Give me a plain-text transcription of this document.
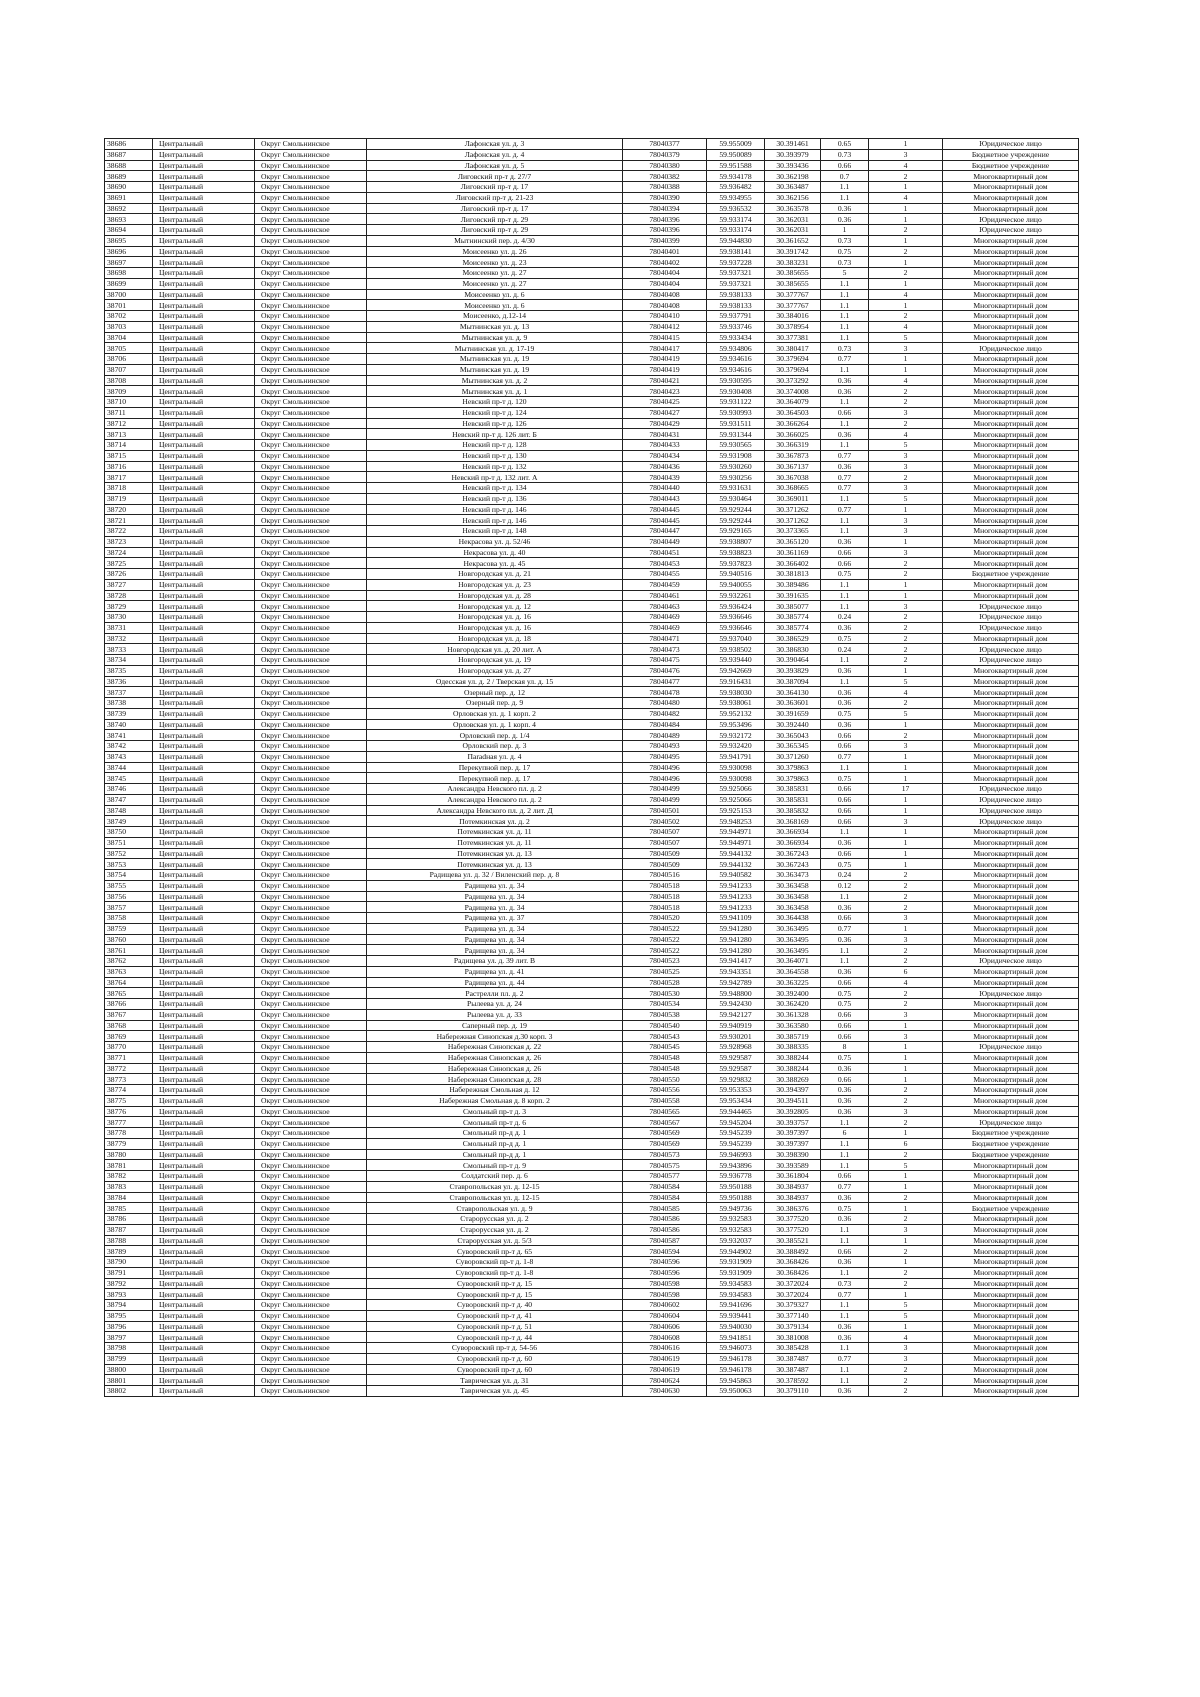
38686	Центральный	Округ Смольнинское	Лафонская ул. д. 3	78040377	59.955009	30.391461	0.65	1	Юридическое лицо
38687	Центральный	Округ Смольнинское	Лафонская ул. д. 4	78040379	59.950089	30.393979	0.73	3	Бюджетное учреждение
38688	Центральный	Округ Смольнинское	Лафонская ул. д. 5	78040380	59.951588	30.393436	0.66	4	Бюджетное учреждение
38689	Центральный	Округ Смольнинское	Лиговский пр-т д. 27/7	78040382	59.934178	30.362198	0.7	2	Многоквартирный дом
38690	Центральный	Округ Смольнинское	Лиговский пр-т д. 17	78040388	59.936482	30.363487	1.1	1	Многоквартирный дом
38691	Центральный	Округ Смольнинское	Лиговский пр-т д. 21-23	78040390	59.934955	30.362156	1.1	4	Многоквартирный дом
38692	Центральный	Округ Смольнинское	Лиговский пр-т д. 17	78040394	59.936532	30.363578	0.36	1	Многоквартирный дом
38693	Центральный	Округ Смольнинское	Лиговский пр-т д. 29	78040396	59.933174	30.362031	0.36	1	Юридическое лицо
38694	Центральный	Округ Смольнинское	Лиговский пр-т д. 29	78040396	59.933174	30.362031	1	2	Юридическое лицо
38695	Центральный	Округ Смольнинское	Мытнинский пер. д. 4/30	78040399	59.944830	30.361652	0.73	1	Многоквартирный дом
38696	Центральный	Округ Смольнинское	Моисеенко ул. д. 26	78040401	59.938141	30.391742	0.75	2	Многоквартирный дом
38697	Центральный	Округ Смольнинское	Моисеенко ул. д. 23	78040402	59.937228	30.383231	0.73	1	Многоквартирный дом
38698	Центральный	Округ Смольнинское	Моисеенко ул. д. 27	78040404	59.937321	30.385655	5	2	Многоквартирный дом
38699	Центральный	Округ Смольнинское	Моисеенко ул. д. 27	78040404	59.937321	30.385655	1.1	1	Многоквартирный дом
38700	Центральный	Округ Смольнинское	Моисеенко ул. д. 6	78040408	59.938133	30.377767	1.1	4	Многоквартирный дом
38701	Центральный	Округ Смольнинское	Моисеенко ул. д. 6	78040408	59.938133	30.377767	1.1	1	Многоквартирный дом
38702	Центральный	Округ Смольнинское	Моисеенко, д.12-14	78040410	59.937791	30.384016	1.1	2	Многоквартирный дом
38703	Центральный	Округ Смольнинское	Мытнинская ул. д. 13	78040412	59.933746	30.378954	1.1	4	Многоквартирный дом
38704	Центральный	Округ Смольнинское	Мытнинская ул. д. 9	78040415	59.933434	30.377381	1.1	5	Многоквартирный дом
38705	Центральный	Округ Смольнинское	Мытнинская ул. д. 17-19	78040417	59.934806	30.380417	0.73	3	Юридическое лицо
38706	Центральный	Округ Смольнинское	Мытнинская ул. д. 19	78040419	59.934616	30.379694	0.77	1	Многоквартирный дом
38707	Центральный	Округ Смольнинское	Мытнинская ул. д. 19	78040419	59.934616	30.379694	1.1	1	Многоквартирный дом
38708	Центральный	Округ Смольнинское	Мытнинская ул. д. 2	78040421	59.930595	30.373292	0.36	4	Многоквартирный дом
38709	Центральный	Округ Смольнинское	Мытнинская ул. д. 1	78040423	59.930408	30.374008	0.36	2	Многоквартирный дом
38710	Центральный	Округ Смольнинское	Невский пр-т д. 120	78040425	59.931122	30.364079	1.1	2	Многоквартирный дом
38711	Центральный	Округ Смольнинское	Невский пр-т д. 124	78040427	59.930993	30.364503	0.66	3	Многоквартирный дом
38712	Центральный	Округ Смольнинское	Невский пр-т д. 126	78040429	59.931511	30.366264	1.1	2	Многоквартирный дом
38713	Центральный	Округ Смольнинское	Невский пр-т д. 126 лит. Б	78040431	59.931344	30.366025	0.36	4	Многоквартирный дом
38714	Центральный	Округ Смольнинское	Невский пр-т д. 128	78040433	59.930565	30.366319	1.1	5	Многоквартирный дом
38715	Центральный	Округ Смольнинское	Невский пр-т д. 130	78040434	59.931908	30.367873	0.77	3	Многоквартирный дом
38716	Центральный	Округ Смольнинское	Невский пр-т д. 132	78040436	59.930260	30.367137	0.36	3	Многоквартирный дом
38717	Центральный	Округ Смольнинское	Невский пр-т д. 132 лит. А	78040439	59.930256	30.367038	0.77	2	Многоквартирный дом
38718	Центральный	Округ Смольнинское	Невский пр-т д. 134	78040440	59.931631	30.368665	0.77	3	Многоквартирный дом
38719	Центральный	Округ Смольнинское	Невский пр-т д. 136	78040443	59.930464	30.369011	1.1	5	Многоквартирный дом
38720	Центральный	Округ Смольнинское	Невский пр-т д. 146	78040445	59.929244	30.371262	0.77	1	Многоквартирный дом
38721	Центральный	Округ Смольнинское	Невский пр-т д. 146	78040445	59.929244	30.371262	1.1	3	Многоквартирный дом
38722	Центральный	Округ Смольнинское	Невский пр-т д. 148	78040447	59.929165	30.373365	1.1	3	Многоквартирный дом
38723	Центральный	Округ Смольнинское	Некрасова ул. д. 52/46	78040449	59.938807	30.365120	0.36	1	Многоквартирный дом
38724	Центральный	Округ Смольнинское	Некрасова ул. д. 40	78040451	59.938823	30.361169	0.66	3	Многоквартирный дом
38725	Центральный	Округ Смольнинское	Некрасова ул. д. 45	78040453	59.937823	30.366402	0.66	2	Многоквартирный дом
38726	Центральный	Округ Смольнинское	Новгородская ул. д. 21	78040455	59.940516	30.381813	0.75	2	Бюджетное учреждение
38727	Центральный	Округ Смольнинское	Новгородская ул. д. 23	78040459	59.940055	30.389486	1.1	1	Многоквартирный дом
38728	Центральный	Округ Смольнинское	Новгородская ул. д. 28	78040461	59.932261	30.391635	1.1	1	Многоквартирный дом
38729	Центральный	Округ Смольнинское	Новгородская ул. д. 12	78040463	59.936424	30.385077	1.1	3	Юридическое лицо
38730	Центральный	Округ Смольнинское	Новгородская ул. д. 16	78040469	59.936646	30.385774	0.24	2	Юридическое лицо
38731	Центральный	Округ Смольнинское	Новгородская ул. д. 16	78040469	59.936646	30.385774	0.36	2	Юридическое лицо
38732	Центральный	Округ Смольнинское	Новгородская ул. д. 18	78040471	59.937040	30.386529	0.75	2	Многоквартирный дом
38733	Центральный	Округ Смольнинское	Новгородская ул. д. 20 лит. А	78040473	59.938502	30.386830	0.24	2	Юридическое лицо
38734	Центральный	Округ Смольнинское	Новгородская ул. д. 19	78040475	59.939440	30.390464	1.1	2	Юридическое лицо
38735	Центральный	Округ Смольнинское	Новгородская ул. д. 27	78040476	59.942669	30.393829	0.36	1	Многоквартирный дом
38736	Центральный	Округ Смольнинское	Одесская ул. д. 2 / Тверская ул. д. 15	78040477	59.916431	30.387094	1.1	5	Многоквартирный дом
38737	Центральный	Округ Смольнинское	Озерный пер. д. 12	78040478	59.938030	30.364130	0.36	4	Многоквартирный дом
38738	Центральный	Округ Смольнинское	Озерный пер. д. 9	78040480	59.938061	30.363601	0.36	2	Многоквартирный дом
38739	Центральный	Округ Смольнинское	Орловская ул. д. 1 корп. 2	78040482	59.952132	30.391659	0.75	5	Многоквартирный дом
38740	Центральный	Округ Смольнинское	Орловская ул. д. 1 корп. 4	78040484	59.953496	30.392440	0.36	1	Многоквартирный дом
38741	Центральный	Округ Смольнинское	Орловский пер. д. 1/4	78040489	59.932172	30.365043	0.66	2	Многоквартирный дом
38742	Центральный	Округ Смольнинское	Орловский пер. д. 3	78040493	59.932420	30.365345	0.66	3	Многоквартирный дом
38743	Центральный	Округ Смольнинское	Паradная ул. д. 4	78040495	59.941791	30.371260	0.77	1	Многоквартирный дом
38744	Центральный	Округ Смольнинское	Перекупной пер. д. 17	78040496	59.930098	30.379863	1.1	1	Многоквартирный дом
38745	Центральный	Округ Смольнинское	Перекупной пер. д. 17	78040496	59.930098	30.379863	0.75	1	Многоквартирный дом
38746	Центральный	Округ Смольнинское	Александра Невского пл. д. 2	78040499	59.925066	30.385831	0.66	17	Юридическое лицо
38747	Центральный	Округ Смольнинское	Александра Невского пл. д. 2	78040499	59.925066	30.385831	0.66	1	Юридическое лицо
38748	Центральный	Округ Смольнинское	Александра Невского пл. д. 2 лит. Д	78040501	59.925153	30.385832	0.66	1	Юридическое лицо
38749	Центральный	Округ Смольнинское	Потемкинская ул. д. 2	78040502	59.948253	30.368169	0.66	3	Юридическое лицо
38750	Центральный	Округ Смольнинское	Потемкинская ул. д. 11	78040507	59.944971	30.366934	1.1	1	Многоквартирный дом
38751	Центральный	Округ Смольнинское	Потемкинская ул. д. 11	78040507	59.944971	30.366934	0.36	1	Многоквартирный дом
38752	Центральный	Округ Смольнинское	Потемкинская ул. д. 13	78040509	59.944132	30.367243	0.66	1	Многоквартирный дом
38753	Центральный	Округ Смольнинское	Потемкинская ул. д. 13	78040509	59.944132	30.367243	0.75	1	Многоквартирный дом
38754	Центральный	Округ Смольнинское	Радищева ул. д. 32 / Виленский пер. д. 8	78040516	59.940582	30.363473	0.24	2	Многоквартирный дом
38755	Центральный	Округ Смольнинское	Радищева ул. д. 34	78040518	59.941233	30.363458	0.12	2	Многоквартирный дом
38756	Центральный	Округ Смольнинское	Радищева ул. д. 34	78040518	59.941233	30.363458	1.1	2	Многоквартирный дом
38757	Центральный	Округ Смольнинское	Радищева ул. д. 34	78040518	59.941233	30.363458	0.36	2	Многоквартирный дом
38758	Центральный	Округ Смольнинское	Радищева ул. д. 37	78040520	59.941109	30.364438	0.66	3	Многоквартирный дом
38759	Центральный	Округ Смольнинское	Радищева ул. д. 34	78040522	59.941280	30.363495	0.77	1	Многоквартирный дом
38760	Центральный	Округ Смольнинское	Радищева ул. д. 34	78040522	59.941280	30.363495	0.36	3	Многоквартирный дом
38761	Центральный	Округ Смольнинское	Радищева ул. д. 34	78040522	59.941280	30.363495	1.1	2	Многоквартирный дом
38762	Центральный	Округ Смольнинское	Радищева ул. д. 39 лит. В	78040523	59.941417	30.364071	1.1	2	Юридическое лицо
38763	Центральный	Округ Смольнинское	Радищева ул. д. 41	78040525	59.943351	30.364558	0.36	6	Многоквартирный дом
38764	Центральный	Округ Смольнинское	Радищева ул. д. 44	78040528	59.942789	30.363225	0.66	4	Многоквартирный дом
38765	Центральный	Округ Смольнинское	Растрелли пл. д. 2	78040530	59.948800	30.392400	0.75	2	Юридическое лицо
38766	Центральный	Округ Смольнинское	Рылеева ул. д. 24	78040534	59.942430	30.362420	0.75	2	Многоквартирный дом
38767	Центральный	Округ Смольнинское	Рылеева ул. д. 33	78040538	59.942127	30.361328	0.66	3	Многоквартирный дом
38768	Центральный	Округ Смольнинское	Саперный пер. д. 19	78040540	59.940919	30.363580	0.66	1	Многоквартирный дом
38769	Центральный	Округ Смольнинское	Набережная Синопская д.30 корп. 3	78040543	59.930201	30.385719	0.66	3	Многоквартирный дом
38770	Центральный	Округ Смольнинское	Набережная Синопская д. 22	78040545	59.928968	30.388335	8	1	Юридическое лицо
38771	Центральный	Округ Смольнинское	Набережная Синопская д. 26	78040548	59.929587	30.388244	0.75	1	Многоквартирный дом
38772	Центральный	Округ Смольнинское	Набережная Синопская д. 26	78040548	59.929587	30.388244	0.36	1	Многоквартирный дом
38773	Центральный	Округ Смольнинское	Набережная Синопская д. 28	78040550	59.929832	30.388269	0.66	1	Многоквартирный дом
38774	Центральный	Округ Смольнинское	Набережная Смольная д. 12	78040556	59.953353	30.394397	0.36	2	Многоквартирный дом
38775	Центральный	Округ Смольнинское	Набережная Смольная д. 8 корп. 2	78040558	59.953434	30.394511	0.36	2	Многоквартирный дом
38776	Центральный	Округ Смольнинское	Смольный пр-т д. 3	78040565	59.944465	30.392805	0.36	3	Многоквартирный дом
38777	Центральный	Округ Смольнинское	Смольный пр-т д. 6	78040567	59.945204	30.393757	1.1	2	Юридическое лицо
38778	Центральный	Округ Смольнинское	Смольный пр-д д. 1	78040569	59.945239	30.397397	6	1	Бюджетное учреждение
38779	Центральный	Округ Смольнинское	Смольный пр-д д. 1	78040569	59.945239	30.397397	1.1	6	Бюджетное учреждение
38780	Центральный	Округ Смольнинское	Смольный пр-д д. 1	78040573	59.946993	30.398390	1.1	2	Бюджетное учреждение
38781	Центральный	Округ Смольнинское	Смольный пр-т д. 9	78040575	59.943896	30.393589	1.1	5	Многоквартирный дом
38782	Центральный	Округ Смольнинское	Солдатский пер. д. 6	78040577	59.936778	30.361804	0.66	1	Многоквартирный дом
38783	Центральный	Округ Смольнинское	Ставропольская ул. д. 12-15	78040584	59.950188	30.384937	0.77	1	Многоквартирный дом
38784	Центральный	Округ Смольнинское	Ставропольская ул. д. 12-15	78040584	59.950188	30.384937	0.36	2	Многоквартирный дом
38785	Центральный	Округ Смольнинское	Ставропольская ул. д. 9	78040585	59.949736	30.386376	0.75	1	Бюджетное учреждение
38786	Центральный	Округ Смольнинское	Старорусская ул. д. 2	78040586	59.932583	30.377520	0.36	2	Многоквартирный дом
38787	Центральный	Округ Смольнинское	Старорусская ул. д. 2	78040586	59.932583	30.377520	1.1	3	Многоквартирный дом
38788	Центральный	Округ Смольнинское	Старорусская ул. д. 5/3	78040587	59.932037	30.385521	1.1	1	Многоквартирный дом
38789	Центральный	Округ Смольнинское	Суворовский пр-т д. 65	78040594	59.944902	30.388492	0.66	2	Многоквартирный дом
38790	Центральный	Округ Смольнинское	Суворовский пр-т д. 1-8	78040596	59.931909	30.368426	0.36	1	Многоквартирный дом
38791	Центральный	Округ Смольнинское	Суворовский пр-т д. 1-8	78040596	59.931909	30.368426	1.1	2	Многоквартирный дом
38792	Центральный	Округ Смольнинское	Суворовский пр-т д. 15	78040598	59.934583	30.372024	0.73	2	Многоквартирный дом
38793	Центральный	Округ Смольнинское	Суворовский пр-т д. 15	78040598	59.934583	30.372024	0.77	1	Многоквартирный дом
38794	Центральный	Округ Смольнинское	Суворовский пр-т д. 40	78040602	59.941696	30.379327	1.1	5	Многоквартирный дом
38795	Центральный	Округ Смольнинское	Суворовский пр-т д. 41	78040604	59.939441	30.377140	1.1	5	Многоквартирный дом
38796	Центральный	Округ Смольнинское	Суворовский пр-т д. 51	78040606	59.940030	30.379134	0.36	1	Многоквартирный дом
38797	Центральный	Округ Смольнинское	Суворовский пр-т д. 44	78040608	59.941851	30.381008	0.36	4	Многоквартирный дом
38798	Центральный	Округ Смольнинское	Суворовский пр-т д. 54-56	78040616	59.946073	30.385428	1.1	3	Многоквартирный дом
38799	Центральный	Округ Смольнинское	Суворовский пр-т д. 60	78040619	59.946178	30.387487	0.77	3	Многоквартирный дом
38800	Центральный	Округ Смольнинское	Суворовский пр-т д. 60	78040619	59.946178	30.387487	1.1	2	Многоквартирный дом
38801	Центральный	Округ Смольнинское	Таврическая ул. д. 31	78040624	59.945863	30.378592	1.1	2	Многоквартирный дом
38802	Центральный	Округ Смольнинское	Таврическая ул. д. 45	78040630	59.950063	30.379110	0.36	2	Многоквартирный дом
